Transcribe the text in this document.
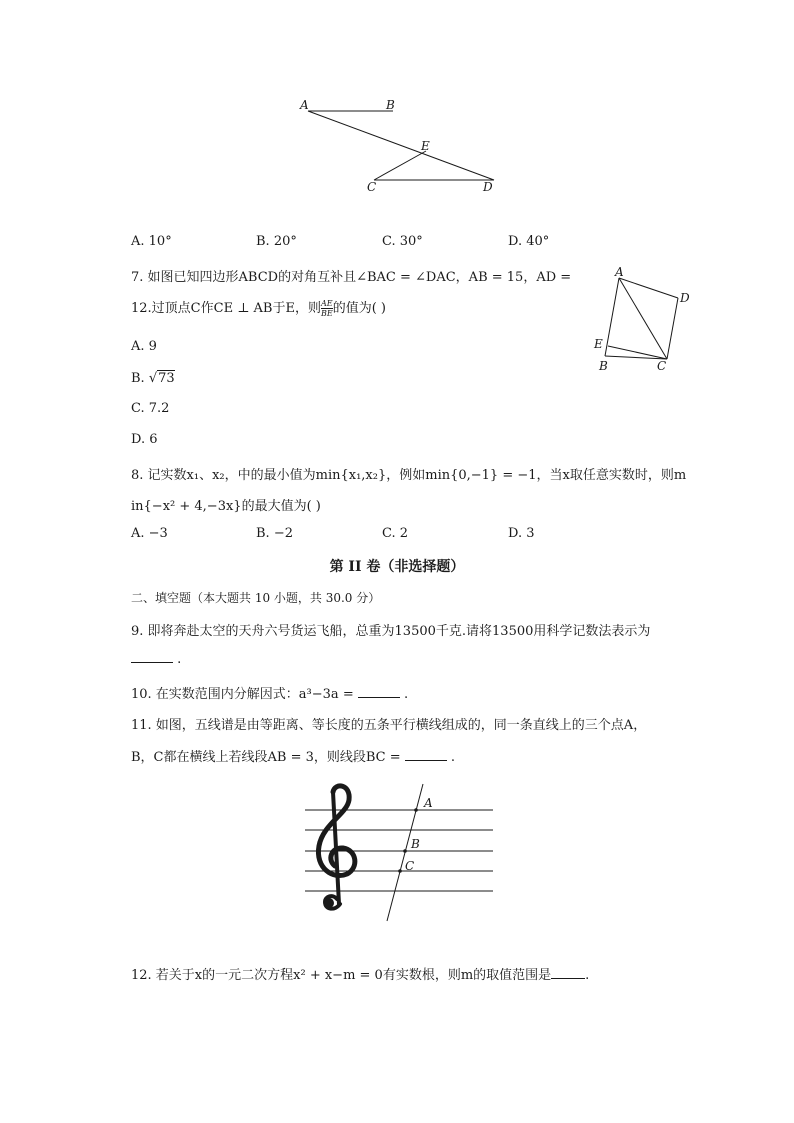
A	B
E
C	D
A. 10°	B. 20°	C. 30°	D. 40°
7. 如图已知四边形ABCD的对角互补且∠BAC = ∠DAC，AB = 15，AD =
12.过顶点C作CE ⊥ AB于E，则 $\frac{AE}{BE}$ 的值为( )
A. 9
B. √73
C. 7.2
D. 6
A
D
E
B	C
8. 记实数x₁、x₂，中的最小值为min{x₁,x₂}，例如min{0,−1} = −1，当x取任意实数时，则m
in{−x² + 4,−3x}的最大值为( )
A. −3	B. −2	C. 2	D. 3
第 II 卷（非选择题）
二、填空题（本大题共 10 小题，共 30.0 分）
9. 即将奔赴太空的天舟六号货运飞船，总重为13500千克.请将13500用科学记数法表示为
.
10. 在实数范围内分解因式：a³−3a =	.
11. 如图，五线谱是由等距离、等长度的五条平行横线组成的，同一条直线上的三个点A，
B，C都在横线上若线段AB = 3，则线段BC =	.
A
B
C
12. 若关于x的一元二次方程x² + x−m = 0有实数根，则m的取值范围是	.
